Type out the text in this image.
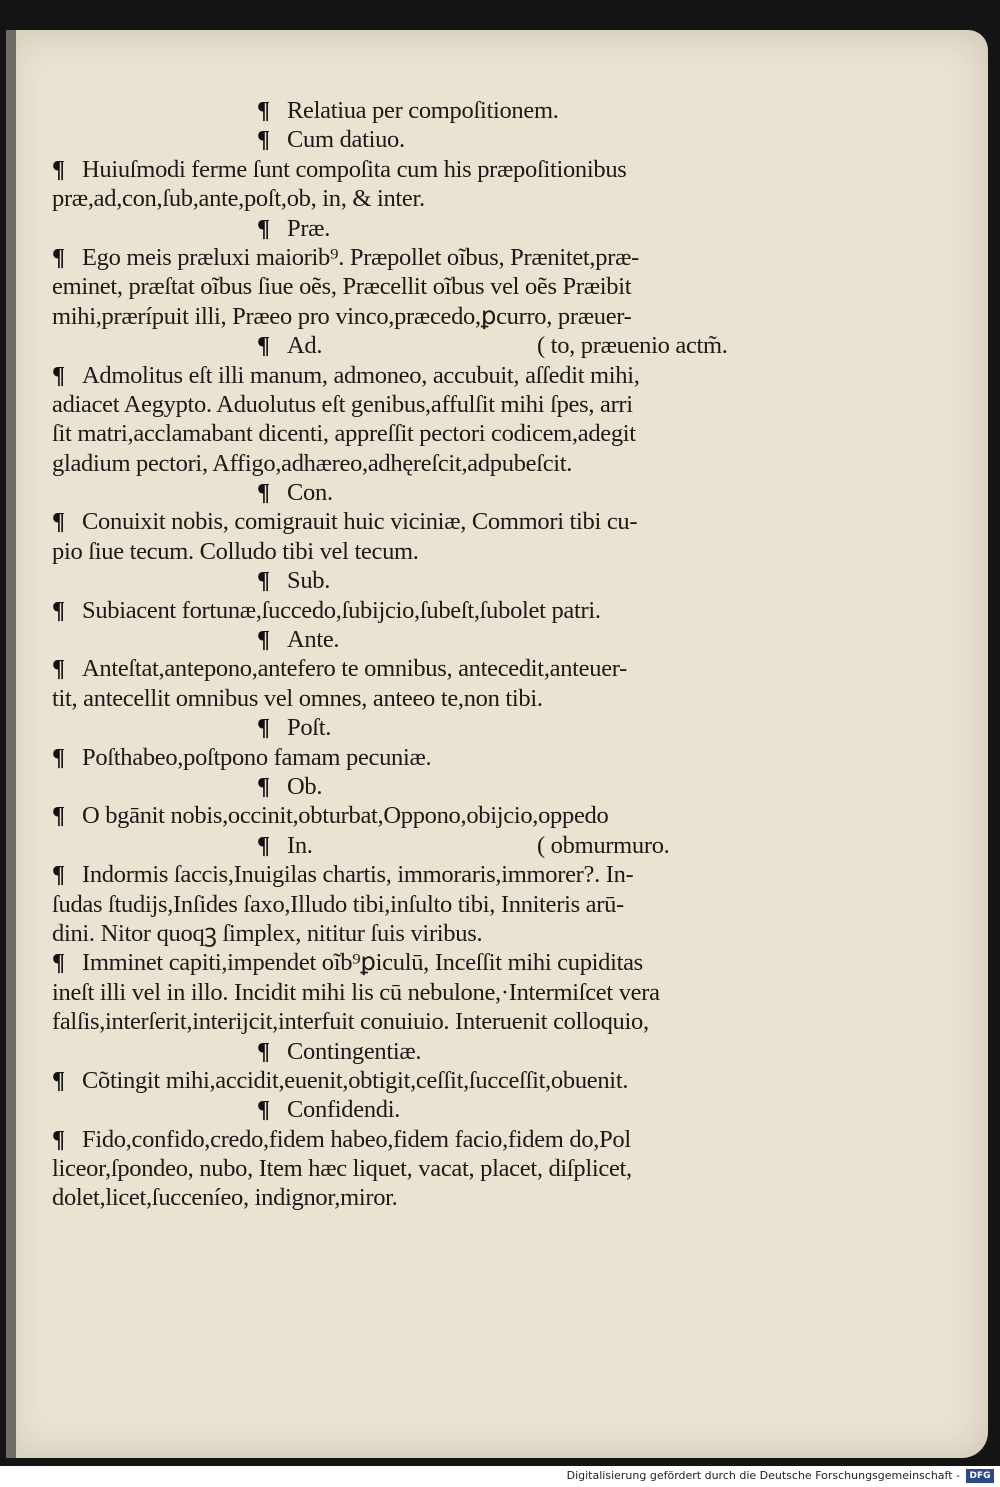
¶ Relatiua per compoſitionem.
¶ Cum datiuo.
¶ Huiuſmodi ferme ſunt compoſita cum his præpoſitionibus
præ,ad,con,ſub,ante,poſt,ob, in, & inter.
¶ Præ.
¶ Ego meis præluxi maiorib⁹. Præpollet oĩbus, Prænitet,præ-
eminet, præſtat oĩbus ſiue oẽs, Præcellit oĩbus vel oẽs Præibit
mihi,prærípuit illi, Præeo pro vinco,præcedo,ꝑcurro, præuer-
¶ Ad.	( to, præuenio actm̃.
¶ Admolitus eſt illi manum, admoneo, accubuit, aſſedit mihi,
adiacet Aegypto. Aduolutus eſt genibus,affulſit mihi ſpes, arri
ſit matri,acclamabant dicenti, appreſſit pectori codicem,adegit
gladium pectori, Affigo,adhæreo,adhęreſcit,adpubeſcit.
¶ Con.
¶ Conuixit nobis, comigrauit huic viciniæ, Commori tibi cu-
pio ſiue tecum. Colludo tibi vel tecum.
¶ Sub.
¶ Subiacent fortunæ,ſuccedo,ſubijcio,ſubeſt,ſubolet patri.
¶ Ante.
¶ Anteſtat,antepono,antefero te omnibus, antecedit,anteuer-
tit, antecellit omnibus vel omnes, anteeo te,non tibi.
¶ Poſt.
¶ Poſthabeo,poſtpono famam pecuniæ.
¶ Ob.
¶ O bgānit nobis,occinit,obturbat,Oppono,obijcio,oppedo
¶ In.	( obmurmuro.
¶ Indormis ſaccis,Inuigilas chartis, immoraris,immorer?. In-
ſudas ſtudijs,Inſides ſaxo,Illudo tibi,inſulto tibi, Inniteris arū-
dini. Nitor quoqꝫ ſimplex, nititur ſuis viribus.
¶ Imminet capiti,impendet oĩb⁹ꝑiculū, Inceſſit mihi cupiditas
ineſt illi vel in illo. Incidit mihi lis cū nebulone,·Intermiſcet vera
falſis,interſerit,interijcit,interfuit conuiuio. Interuenit colloquio,
¶ Contingentiæ.
¶ Cõtingit mihi,accidit,euenit,obtigit,ceſſit,ſucceſſit,obuenit.
¶ Confidendi.
¶ Fido,confido,credo,fidem habeo,fidem facio,fidem do,Pol
liceor,ſpondeo, nubo, Item hæc liquet, vacat, placet, diſplicet,
dolet,licet,ſucceníeo, indignor,miror.
Digitalisierung gefördert durch die Deutsche Forschungsgemeinschaft -	DFG
